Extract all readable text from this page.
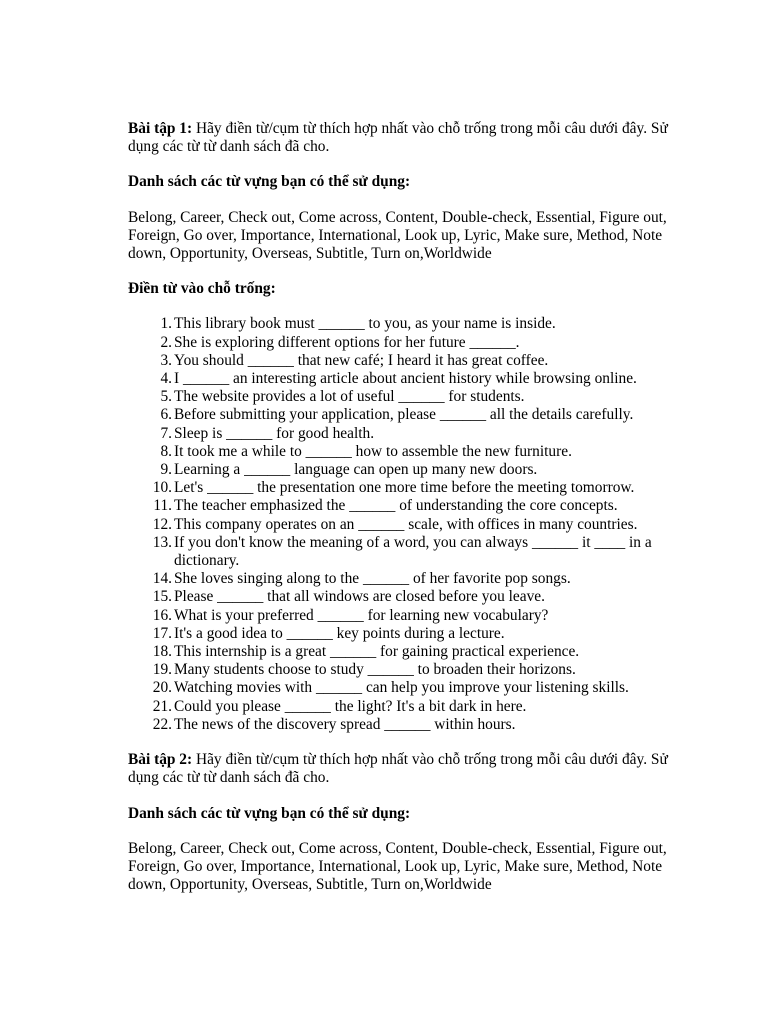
Bài tập 1: Hãy điền từ/cụm từ thích hợp nhất vào chỗ trống trong mỗi câu dưới đây. Sử dụng các từ từ danh sách đã cho.

Danh sách các từ vựng bạn có thể sử dụng:

Belong, Career, Check out, Come across, Content, Double-check, Essential, Figure out, Foreign, Go over, Importance, International, Look up, Lyric, Make sure, Method, Note down, Opportunity, Overseas, Subtitle, Turn on,Worldwide

Điền từ vào chỗ trống:

1. This library book must ______ to you, as your name is inside.
2. She is exploring different options for her future ______.
3. You should ______ that new café; I heard it has great coffee.
4. I ______ an interesting article about ancient history while browsing online.
5. The website provides a lot of useful ______ for students.
6. Before submitting your application, please ______ all the details carefully.
7. Sleep is ______ for good health.
8. It took me a while to ______ how to assemble the new furniture.
9. Learning a ______ language can open up many new doors.
10. Let's ______ the presentation one more time before the meeting tomorrow.
11. The teacher emphasized the ______ of understanding the core concepts.
12. This company operates on an ______ scale, with offices in many countries.
13. If you don't know the meaning of a word, you can always ______ it ____ in a dictionary.
14. She loves singing along to the ______ of her favorite pop songs.
15. Please ______ that all windows are closed before you leave.
16. What is your preferred ______ for learning new vocabulary?
17. It's a good idea to ______ key points during a lecture.
18. This internship is a great ______ for gaining practical experience.
19. Many students choose to study ______ to broaden their horizons.
20. Watching movies with ______ can help you improve your listening skills.
21. Could you please ______ the light? It's a bit dark in here.
22. The news of the discovery spread ______ within hours.

Bài tập 2: Hãy điền từ/cụm từ thích hợp nhất vào chỗ trống trong mỗi câu dưới đây. Sử dụng các từ từ danh sách đã cho.

Danh sách các từ vựng bạn có thể sử dụng:

Belong, Career, Check out, Come across, Content, Double-check, Essential, Figure out, Foreign, Go over, Importance, International, Look up, Lyric, Make sure, Method, Note down, Opportunity, Overseas, Subtitle, Turn on,Worldwide
